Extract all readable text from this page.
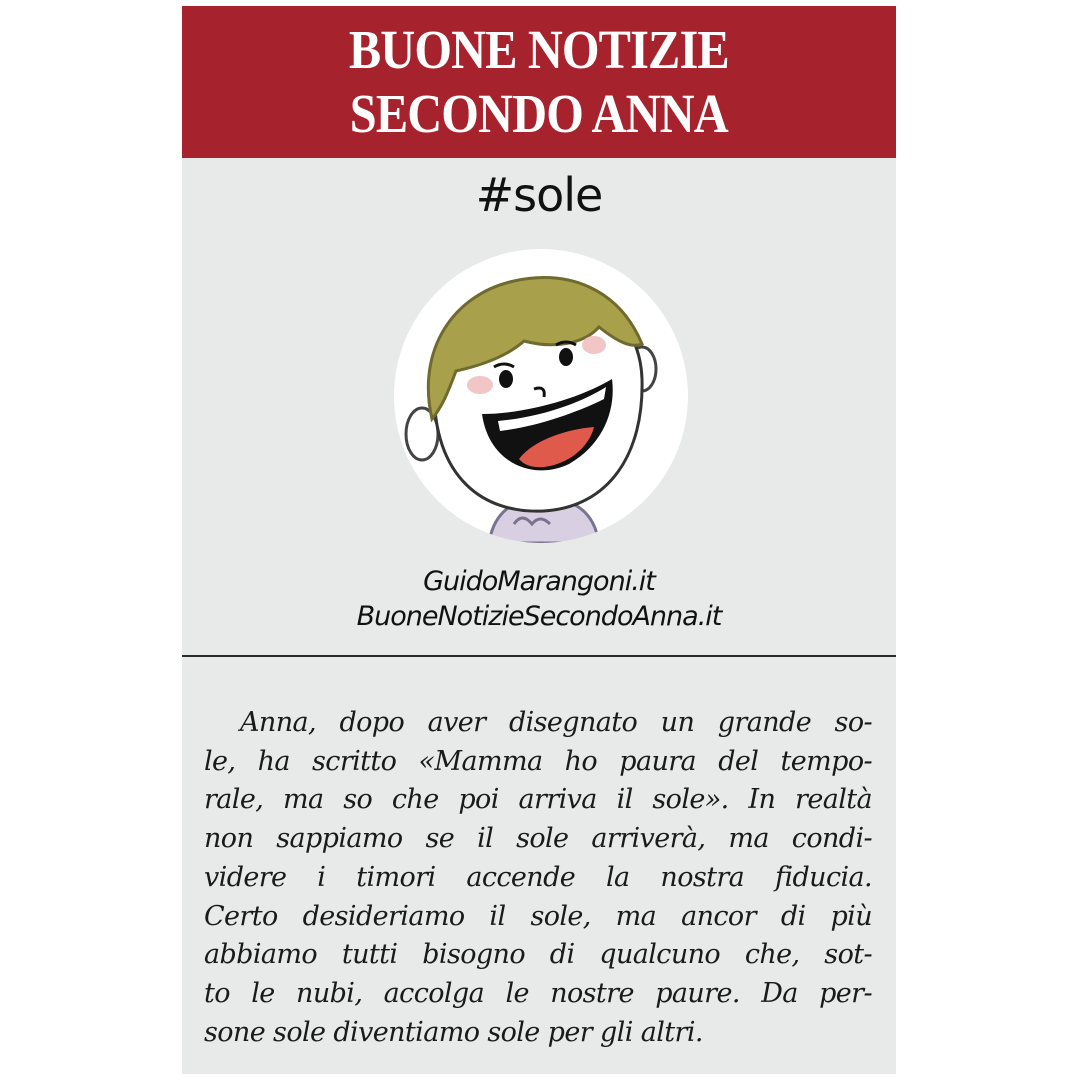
BUONE NOTIZIE
SECONDO ANNA
#sole
GuidoMarangoni.it
BuoneNotizieSecondoAnna.it
Anna, dopo aver disegnato un grande so-
le, ha scritto «Mamma ho paura del tempo-
rale, ma so che poi arriva il sole». In realtà
non sappiamo se il sole arriverà, ma condi-
videre i timori accende la nostra fiducia.
Certo desideriamo il sole, ma ancor di più
abbiamo tutti bisogno di qualcuno che, sot-
to le nubi, accolga le nostre paure. Da per-
sone sole diventiamo sole per gli altri.
